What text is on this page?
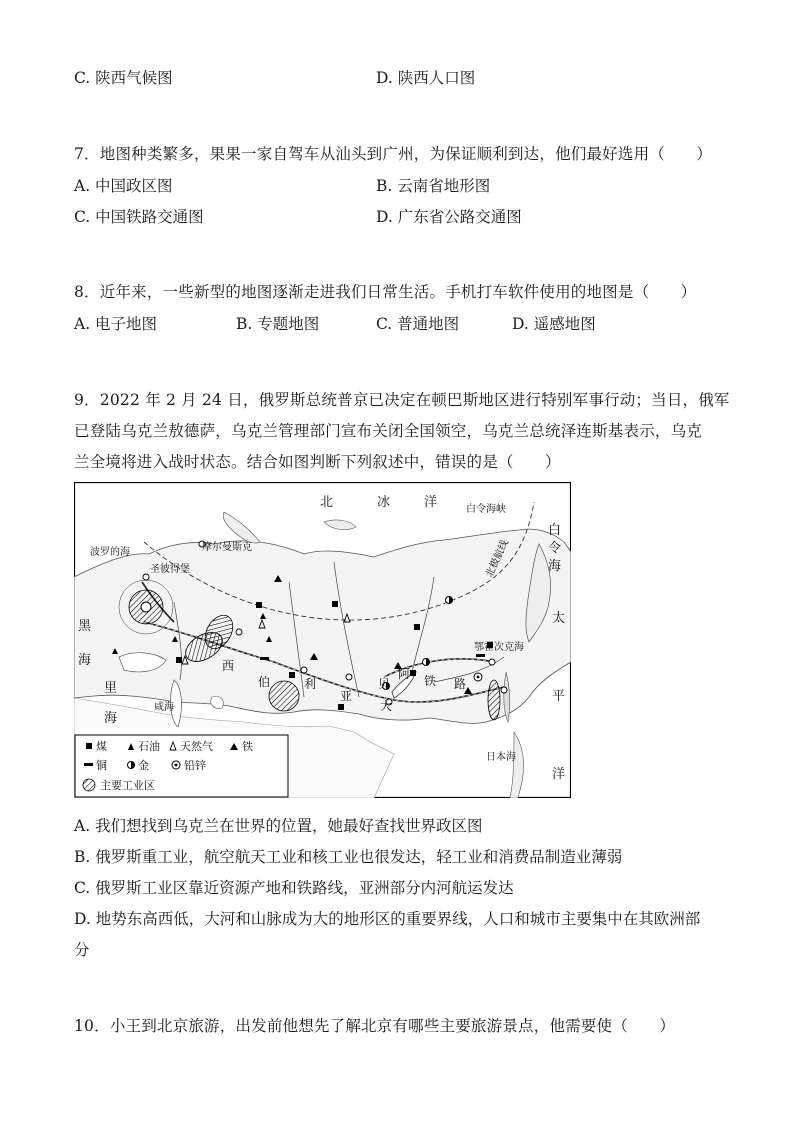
C. 陕西气候图	D. 陕西人口图
7．地图种类繁多，果果一家自驾车从汕头到广州，为保证顺利到达，他们最好选用（　　）
A. 中国政区图	B. 云南省地形图
C. 中国铁路交通图	D. 广东省公路交通图
8．近年来，一些新型的地图逐渐走进我们日常生活。手机打车软件使用的地图是（　　）
A. 电子地图	B. 专题地图	C. 普通地图	D. 遥感地图
9．2022 年 2 月 24 日，俄罗斯总统普京已决定在顿巴斯地区进行特别军事行动；当日，俄军
已登陆乌克兰敖德萨，乌克兰管理部门宣布关闭全国领空，乌克兰总统泽连斯基表示，乌克
兰全境将进入战时状态。结合如图判断下列叙述中，错误的是（　　）
北	冰	洋
白
令
海
太
平
洋
黑
海
里
海
白令海峡
波罗的海	摩尔曼斯克
圣彼得堡
咸海
鄂霍次克海
日本海
北极航线
西
伯	利
亚
贝
阿 铁 路
大
煤	石油 天然气	铁
铜	金	铅锌
主要工业区
A. 我们想找到乌克兰在世界的位置，她最好查找世界政区图
B. 俄罗斯重工业，航空航天工业和核工业也很发达，轻工业和消费品制造业薄弱
C. 俄罗斯工业区靠近资源产地和铁路线，亚洲部分内河航运发达
D. 地势东高西低，大河和山脉成为大的地形区的重要界线，人口和城市主要集中在其欧洲部
分
10．小王到北京旅游，出发前他想先了解北京有哪些主要旅游景点，他需要使（　　）
